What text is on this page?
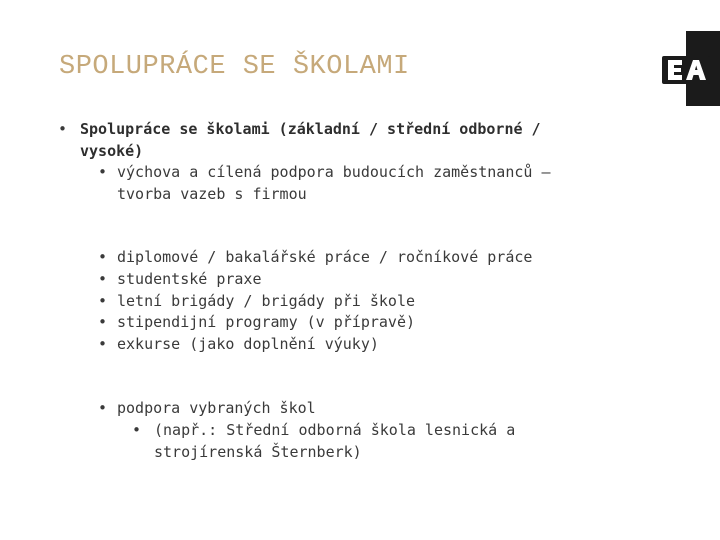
SPOLUPRÁCE SE ŠKOLAMI
• Spolupráce se školami (základní / střední odborné /
vysoké)
• výchova a cílená podpora budoucích zaměstnanců –
tvorba vazeb s firmou
• diplomové / bakalářské práce / ročníkové práce
• studentské praxe
• letní brigády / brigády při škole
• stipendijní programy (v přípravě)
• exkurse (jako doplnění výuky)
• podpora vybraných škol
• (např.: Střední odborná škola lesnická a
strojírenská Šternberk)
